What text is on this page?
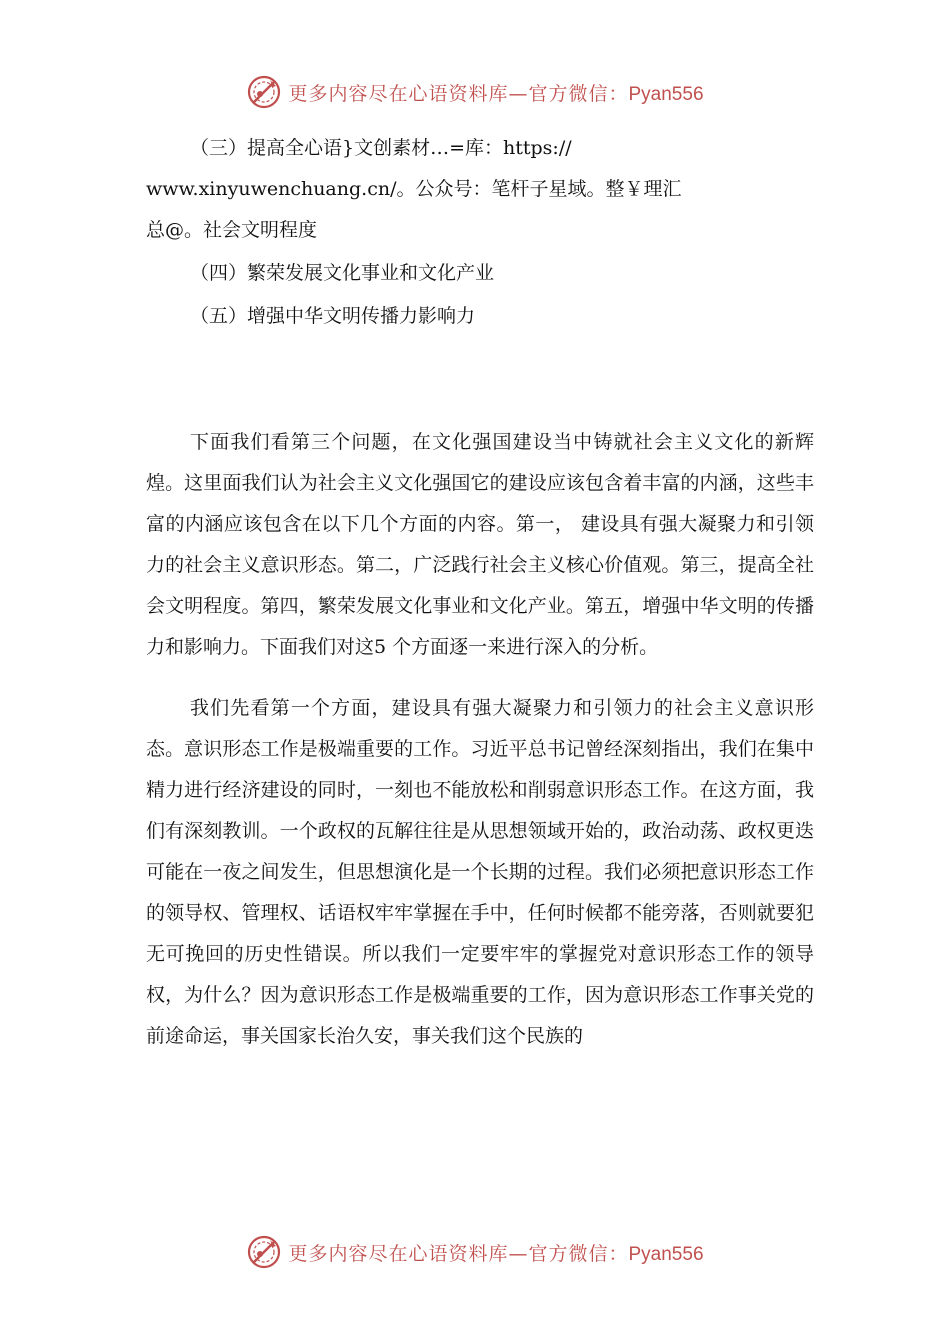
更多内容尽在心语资料库—官方微信：Pyan556

（三）提高全心语}文创素材…=库：https://

www.xinyuwenchuang.cn/。公众号：笔杆子星域。整￥理汇

总@。社会文明程度

（四）繁荣发展文化事业和文化产业

（五）增强中华文明传播力影响力

下面我们看第三个问题，在文化强国建设当中铸就社会主义文化的新辉煌。这里面我们认为社会主义文化强国它的建设应该包含着丰富的内涵，这些丰富的内涵应该包含在以下几个方面的内容。第一， 建设具有强大凝聚力和引领力的社会主义意识形态。第二，广泛践行社会主义核心价值观。第三，提高全社会文明程度。第四，繁荣发展文化事业和文化产业。第五，增强中华文明的传播力和影响力。下面我们对这5 个方面逐一来进行深入的分析。

我们先看第一个方面，建设具有强大凝聚力和引领力的社会主义意识形态。意识形态工作是极端重要的工作。习近平总书记曾经深刻指出，我们在集中精力进行经济建设的同时，一刻也不能放松和削弱意识形态工作。在这方面，我们有深刻教训。一个政权的瓦解往往是从思想领域开始的，政治动荡、政权更迭可能在一夜之间发生，但思想演化是一个长期的过程。我们必须把意识形态工作的领导权、管理权、话语权牢牢掌握在手中，任何时候都不能旁落，否则就要犯无可挽回的历史性错误。所以我们一定要牢牢的掌握党对意识形态工作的领导权，为什么？因为意识形态工作是极端重要的工作，因为意识形态工作事关党的前途命运，事关国家长治久安，事关我们这个民族的

更多内容尽在心语资料库—官方微信：Pyan556
